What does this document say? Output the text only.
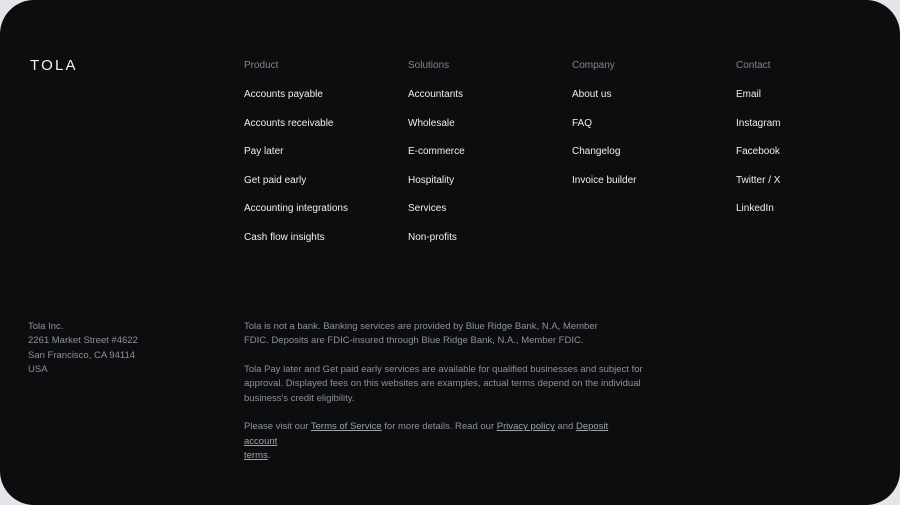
TOLA	Product
Accounts payable
Accounts receivable
Pay later
Get paid early
Accounting integrations
Cash flow insights
Solutions
Accountants
Wholesale
E-commerce
Hospitality
Services
Non-profits
Company
About us
FAQ
Changelog
Invoice builder
Contact
Email
Instagram
Facebook
Twitter / X
LinkedIn
Tola Inc.
2261 Market Street #4622
San Francisco, CA 94114
USA

Tola is not a bank. Banking services are provided by Blue Ridge Bank, N.A, Member
FDIC. Deposits are FDIC-insured through Blue Ridge Bank, N.A., Member FDIC.

Tola Pay later and Get paid early services are available for qualified businesses and subject for
approval. Displayed fees on this websites are examples, actual terms depend on the individual
business's credit eligibility.

Please visit our Terms of Service for more details. Read our Privacy policy and Deposit account
terms.
